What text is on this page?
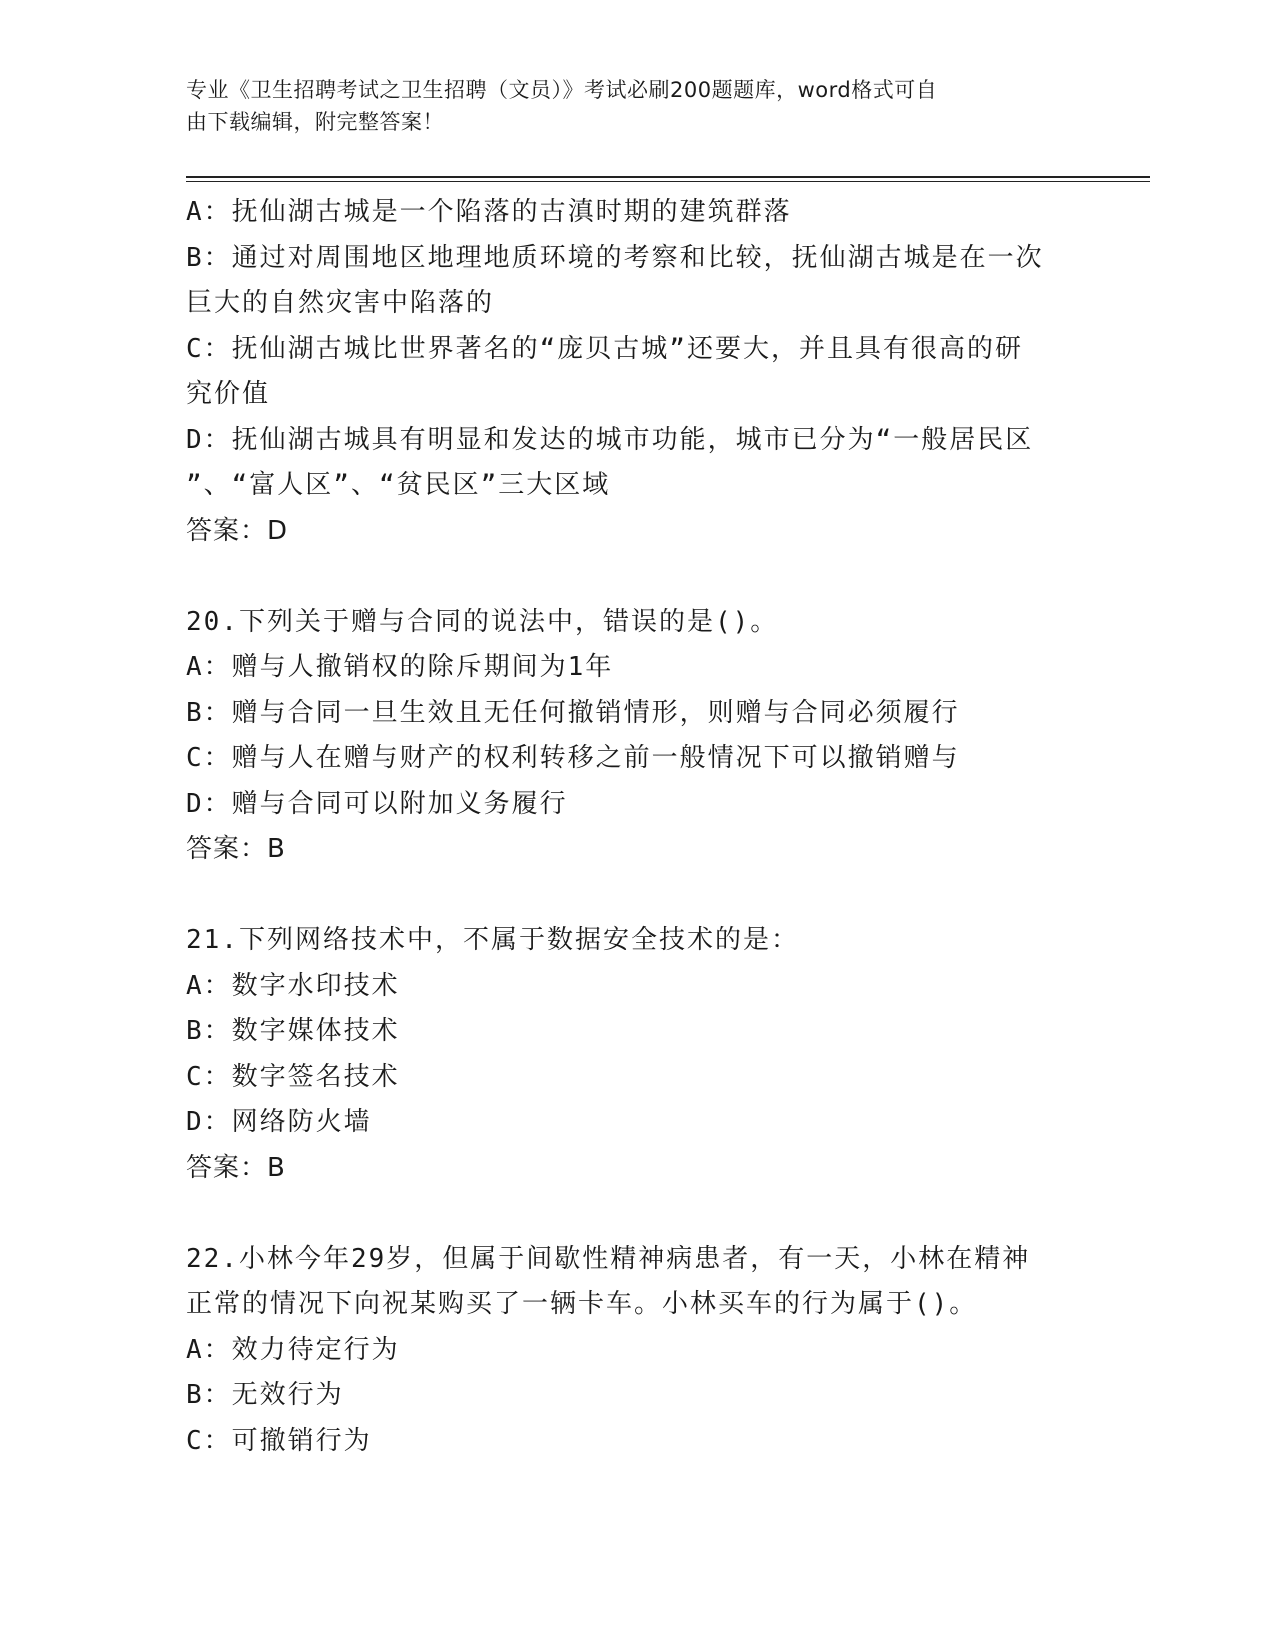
专业《卫生招聘考试之卫生招聘（文员）》考试必刷200题题库，word格式可自
由下载编辑，附完整答案！
A：抚仙湖古城是一个陷落的古滇时期的建筑群落
B：通过对周围地区地理地质环境的考察和比较，抚仙湖古城是在一次
巨大的自然灾害中陷落的
C：抚仙湖古城比世界著名的“庞贝古城”还要大，并且具有很高的研
究价值
D：抚仙湖古城具有明显和发达的城市功能，城市已分为“一般居民区
”、“富人区”、“贫民区”三大区域
答案：D
20.下列关于赠与合同的说法中，错误的是()。
A：赠与人撤销权的除斥期间为1年
B：赠与合同一旦生效且无任何撤销情形，则赠与合同必须履行
C：赠与人在赠与财产的权利转移之前一般情况下可以撤销赠与
D：赠与合同可以附加义务履行
答案：B
21.下列网络技术中，不属于数据安全技术的是：
A：数字水印技术
B：数字媒体技术
C：数字签名技术
D：网络防火墙
答案：B
22.小林今年29岁，但属于间歇性精神病患者，有一天，小林在精神
正常的情况下向祝某购买了一辆卡车。小林买车的行为属于()。
A：效力待定行为
B：无效行为
C：可撤销行为
